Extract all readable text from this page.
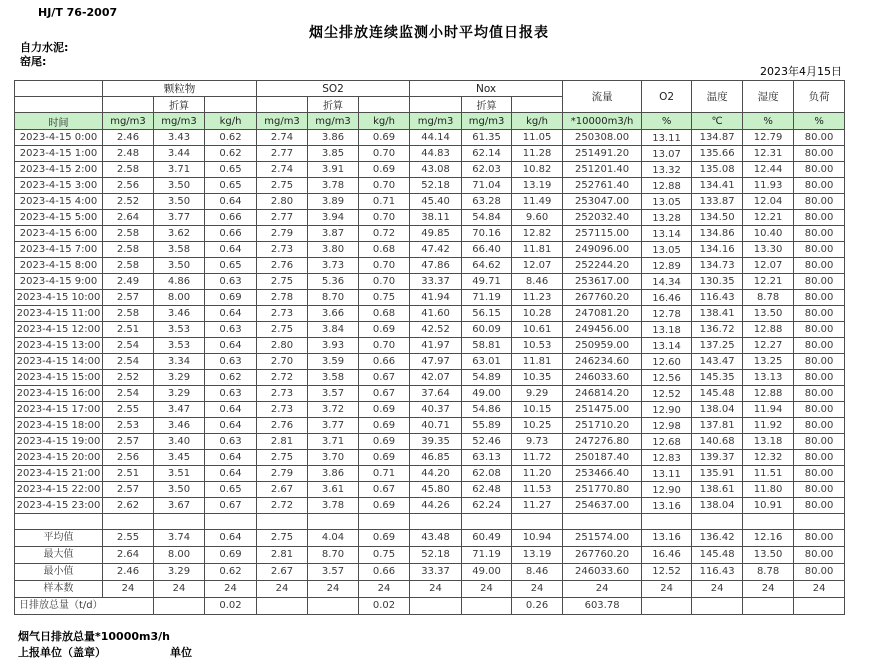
HJ/T 76-2007
烟尘排放连续监测小时平均值日报表
自力水泥:
窑尾:
2023年4月15日
	颗粒物			SO2			Nox			流量	O2	温度	湿度	负荷
		折算			折算			折算						
时间	mg/m3	mg/m3	kg/h	mg/m3	mg/m3	kg/h	mg/m3	mg/m3	kg/h	*10000m3/h	%	℃	%	%
2023-4-15 0:00	2.46	3.43	0.62	2.74	3.86	0.69	44.14	61.35	11.05	250308.00	13.11	134.87	12.79	80.00
2023-4-15 1:00	2.48	3.44	0.62	2.77	3.85	0.70	44.83	62.14	11.28	251491.20	13.07	135.66	12.31	80.00
2023-4-15 2:00	2.58	3.71	0.65	2.74	3.91	0.69	43.08	62.03	10.82	251201.40	13.32	135.08	12.44	80.00
2023-4-15 3:00	2.56	3.50	0.65	2.75	3.78	0.70	52.18	71.04	13.19	252761.40	12.88	134.41	11.93	80.00
2023-4-15 4:00	2.52	3.50	0.64	2.80	3.89	0.71	45.40	63.28	11.49	253047.00	13.05	133.87	12.04	80.00
2023-4-15 5:00	2.64	3.77	0.66	2.77	3.94	0.70	38.11	54.84	9.60	252032.40	13.28	134.50	12.21	80.00
2023-4-15 6:00	2.58	3.62	0.66	2.79	3.87	0.72	49.85	70.16	12.82	257115.00	13.14	134.86	10.40	80.00
2023-4-15 7:00	2.58	3.58	0.64	2.73	3.80	0.68	47.42	66.40	11.81	249096.00	13.05	134.16	13.30	80.00
2023-4-15 8:00	2.58	3.50	0.65	2.76	3.73	0.70	47.86	64.62	12.07	252244.20	12.89	134.73	12.07	80.00
2023-4-15 9:00	2.49	4.86	0.63	2.75	5.36	0.70	33.37	49.71	8.46	253617.00	14.34	130.35	12.21	80.00
2023-4-15 10:00	2.57	8.00	0.69	2.78	8.70	0.75	41.94	71.19	11.23	267760.20	16.46	116.43	8.78	80.00
2023-4-15 11:00	2.58	3.46	0.64	2.73	3.66	0.68	41.60	56.15	10.28	247081.20	12.78	138.41	13.50	80.00
2023-4-15 12:00	2.51	3.53	0.63	2.75	3.84	0.69	42.52	60.09	10.61	249456.00	13.18	136.72	12.88	80.00
2023-4-15 13:00	2.54	3.53	0.64	2.80	3.93	0.70	41.97	58.81	10.53	250959.00	13.14	137.25	12.27	80.00
2023-4-15 14:00	2.54	3.34	0.63	2.70	3.59	0.66	47.97	63.01	11.81	246234.60	12.60	143.47	13.25	80.00
2023-4-15 15:00	2.52	3.29	0.62	2.72	3.58	0.67	42.07	54.89	10.35	246033.60	12.56	145.35	13.13	80.00
2023-4-15 16:00	2.54	3.29	0.63	2.73	3.57	0.67	37.64	49.00	9.29	246814.20	12.52	145.48	12.88	80.00
2023-4-15 17:00	2.55	3.47	0.64	2.73	3.72	0.69	40.37	54.86	10.15	251475.00	12.90	138.04	11.94	80.00
2023-4-15 18:00	2.53	3.46	0.64	2.76	3.77	0.69	40.71	55.89	10.25	251710.20	12.98	137.81	11.92	80.00
2023-4-15 19:00	2.57	3.40	0.63	2.81	3.71	0.69	39.35	52.46	9.73	247276.80	12.68	140.68	13.18	80.00
2023-4-15 20:00	2.56	3.45	0.64	2.75	3.70	0.69	46.85	63.13	11.72	250187.40	12.83	139.37	12.32	80.00
2023-4-15 21:00	2.51	3.51	0.64	2.79	3.86	0.71	44.20	62.08	11.20	253466.40	13.11	135.91	11.51	80.00
2023-4-15 22:00	2.57	3.50	0.65	2.67	3.61	0.67	45.80	62.48	11.53	251770.80	12.90	138.61	11.80	80.00
2023-4-15 23:00	2.62	3.67	0.67	2.72	3.78	0.69	44.26	62.24	11.27	254637.00	13.16	138.04	10.91	80.00

平均值	2.55	3.74	0.64	2.75	4.04	0.69	43.48	60.49	10.94	251574.00	13.16	136.42	12.16	80.00
最大值	2.64	8.00	0.69	2.81	8.70	0.75	52.18	71.19	13.19	267760.20	16.46	145.48	13.50	80.00
最小值	2.46	3.29	0.62	2.67	3.57	0.66	33.37	49.00	8.46	246033.60	12.52	116.43	8.78	80.00
样本数	24	24	24	24	24	24	24	24	24	24	24	24	24	24
日排放总量（t/d）			0.02			0.02			0.26	603.78				
烟气日排放总量*10000m3/h
上报单位（盖章）	单位
